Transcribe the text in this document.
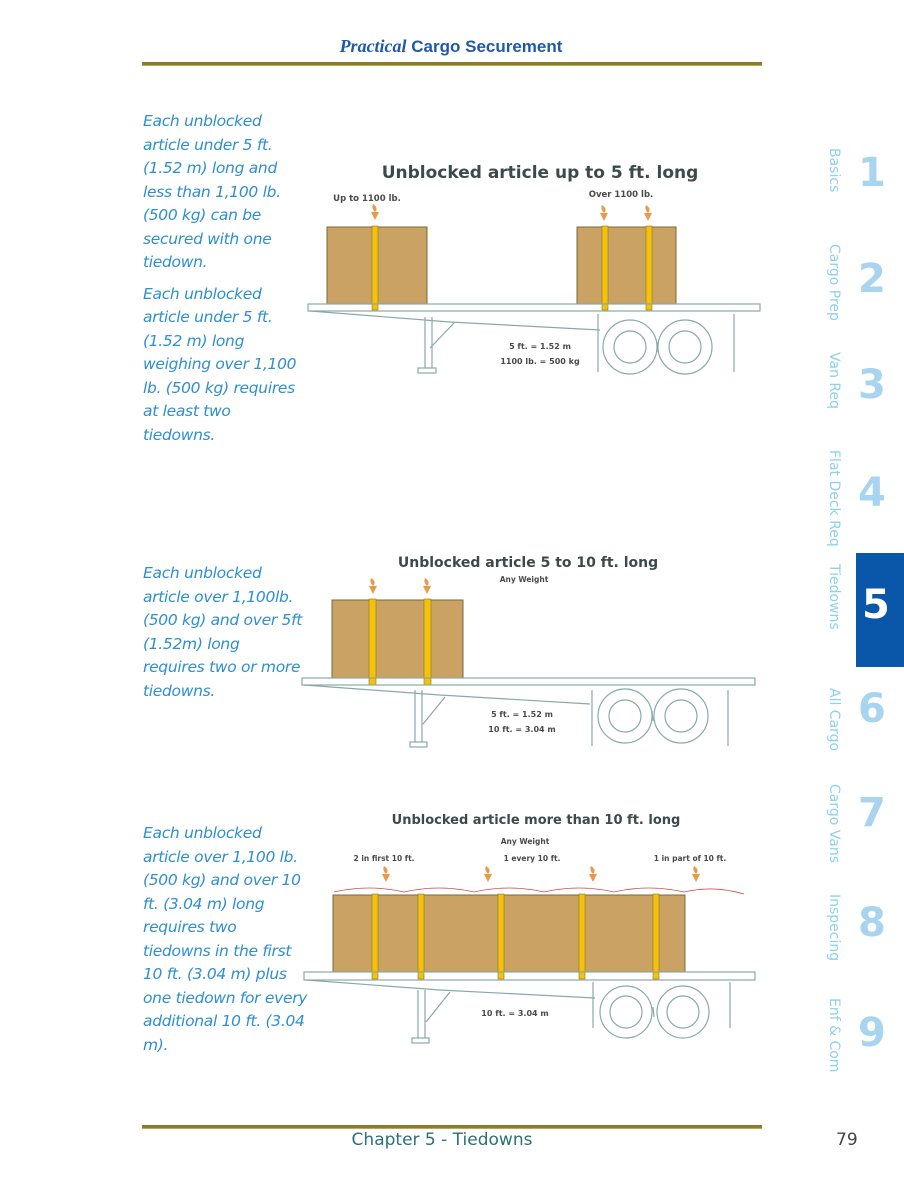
Practical Cargo Securement

Each unblocked article under 5 ft. (1.52 m) long and less than 1,100 lb. (500 kg) can be secured with one tiedown.

Each unblocked article under 5 ft. (1.52 m) long weighing over 1,100 lb. (500 kg) requires at least two tiedowns.

Unblocked article up to 5 ft. long
Up to 1100 lb.	Over 1100 lb.
5 ft. = 1.52 m
1100 lb. = 500 kg

Each unblocked article over 1,100lb. (500 kg) and over 5ft (1.52m) long requires two or more tiedowns.

Unblocked article 5 to 10 ft. long
Any Weight
5 ft. = 1.52 m
10 ft. = 3.04 m

Each unblocked article over 1,100 lb. (500 kg) and over 10 ft. (3.04 m) long requires two tiedowns in the first 10 ft. (3.04 m) plus one tiedown for every additional 10 ft. (3.04 m).

Unblocked article more than 10 ft. long
Any Weight
2 in first 10 ft.	1 every 10 ft.	1 in part of 10 ft.
10 ft. = 3.04 m
Basics 1
Cargo Prep 2
Van Req 3
Flat Deck Req 4
Tiedowns 5
All Cargo 6
Cargo Vans 7
Inspecing 8
Enf & Com 9
Chapter 5 - Tiedowns	79
